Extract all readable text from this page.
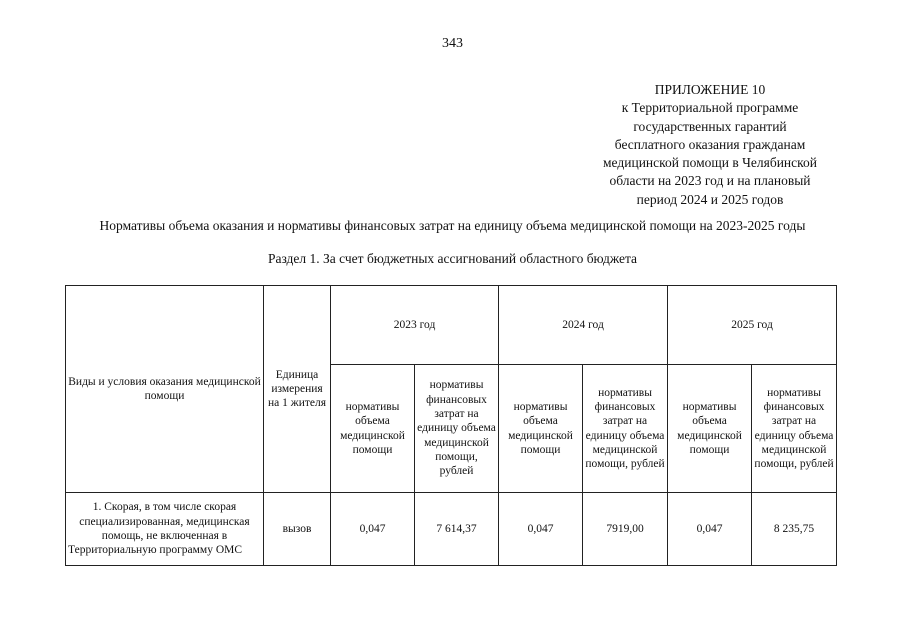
343
ПРИЛОЖЕНИЕ 10
к Территориальной программе
государственных гарантий
бесплатного оказания гражданам
медицинской помощи в Челябинской
области на 2023 год и на плановый
период 2024 и 2025 годов
Нормативы объема оказания и нормативы финансовых затрат на единицу объема медицинской помощи на 2023-2025 годы
Раздел 1. За счет бюджетных ассигнований областного бюджета
Виды и условия оказания медицинской помощи	Единица измерения на 1 жителя	2023 год		2024 год		2025 год	

		нормативы объема медицинской помощи	нормативы финансовых затрат на единицу объема медицинской помощи, рублей	нормативы объема медицинской помощи	нормативы финансовых затрат на единицу объема медицинской помощи, рублей	нормативы объема медицинской помощи	нормативы финансовых затрат на единицу объема медицинской помощи, рублей

1. Скорая, в том числе скорая специализированная, медицинская помощь, не включенная в Территориальную программу ОМС	вызов	0,047	7 614,37	0,047	7919,00	0,047	8 235,75
